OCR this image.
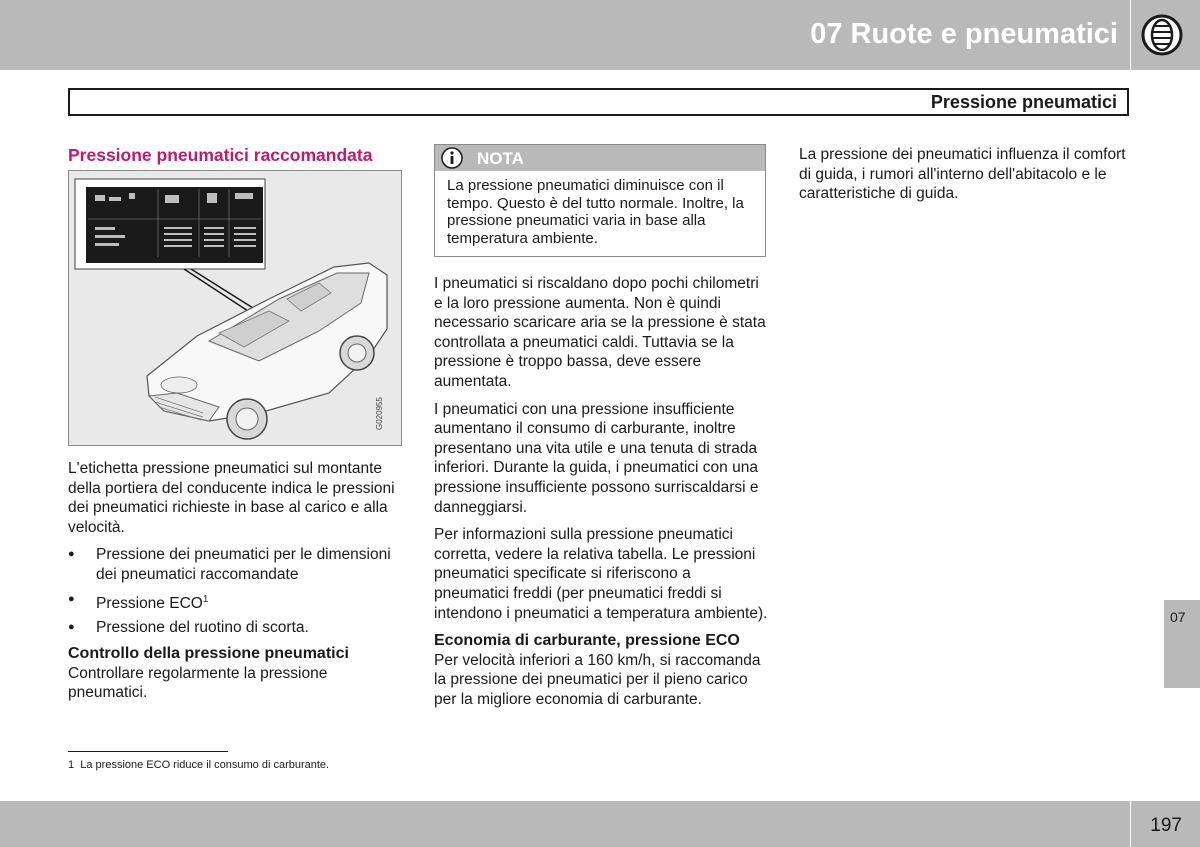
07 Ruote e pneumatici
Pressione pneumatici
Pressione pneumatici raccomandata
G020955

L'etichetta pressione pneumatici sul montante della portiera del conducente indica le pressioni dei pneumatici richieste in base al carico e alla velocità.

● Pressione dei pneumatici per le dimensioni dei pneumatici raccomandate
● Pressione ECO$^1$
● Pressione del ruotino di scorta.

Controllo della pressione pneumatici

Controllare regolarmente la pressione pneumatici.

NOTA
La pressione pneumatici diminuisce con il tempo. Questo è del tutto normale. Inoltre, la pressione pneumatici varia in base alla temperatura ambiente.

I pneumatici si riscaldano dopo pochi chilometri e la loro pressione aumenta. Non è quindi necessario scaricare aria se la pressione è stata controllata a pneumatici caldi. Tuttavia se la pressione è troppo bassa, deve essere aumentata.

I pneumatici con una pressione insufficiente aumentano il consumo di carburante, inoltre presentano una vita utile e una tenuta di strada inferiori. Durante la guida, i pneumatici con una pressione insufficiente possono surriscaldarsi e danneggiarsi.

Per informazioni sulla pressione pneumatici corretta, vedere la relativa tabella. Le pressioni pneumatici specificate si riferiscono a pneumatici freddi (per pneumatici freddi si intendono i pneumatici a temperatura ambiente).

Economia di carburante, pressione ECO

Per velocità inferiori a 160 km/h, si raccomanda la pressione dei pneumatici per il pieno carico per la migliore economia di carburante.

La pressione dei pneumatici influenza il comfort di guida, i rumori all'interno dell'abitacolo e le caratteristiche di guida.

07
1 La pressione ECO riduce il consumo di carburante.
197
